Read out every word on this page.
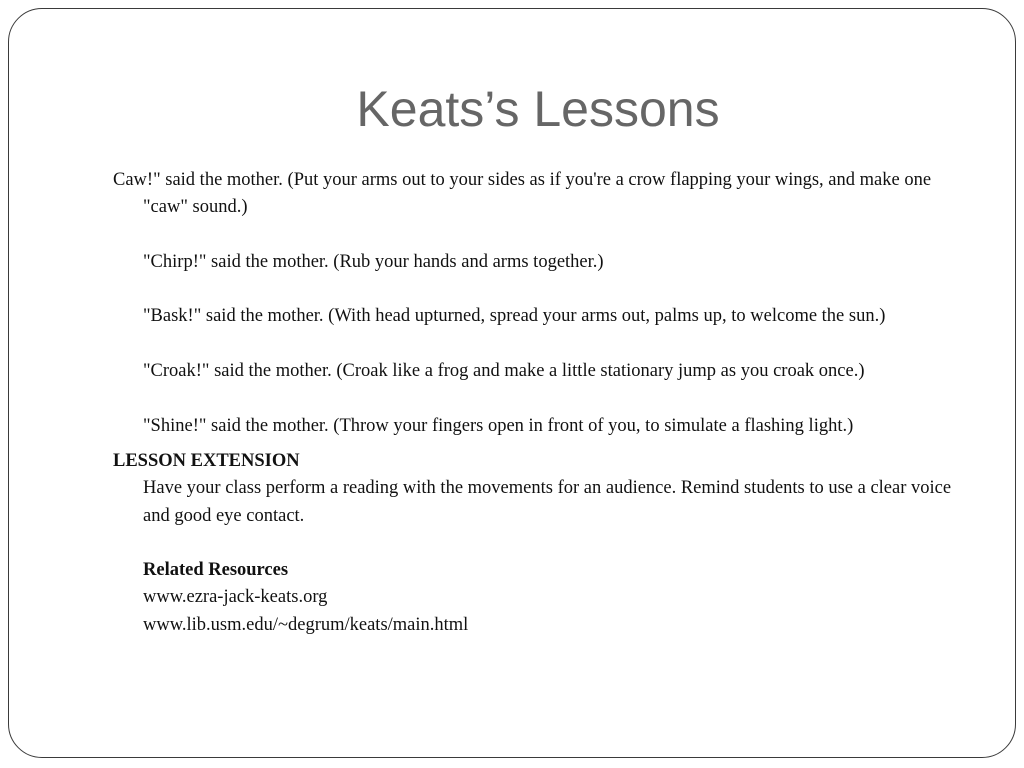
Keats’s Lessons

Caw!" said the mother. (Put your arms out to your sides as if you're a crow flapping your wings, and make one "caw" sound.)

"Chirp!" said the mother. (Rub your hands and arms together.)

"Bask!" said the mother. (With head upturned, spread your arms out, palms up, to welcome the sun.)

"Croak!" said the mother. (Croak like a frog and make a little stationary jump as you croak once.)

"Shine!" said the mother. (Throw your fingers open in front of you, to simulate a flashing light.)

LESSON EXTENSION

Have your class perform a reading with the movements for an audience. Remind students to use a clear voice and good eye contact.

Related Resources

www.ezra-jack-keats.org

www.lib.usm.edu/~degrum/keats/main.html
